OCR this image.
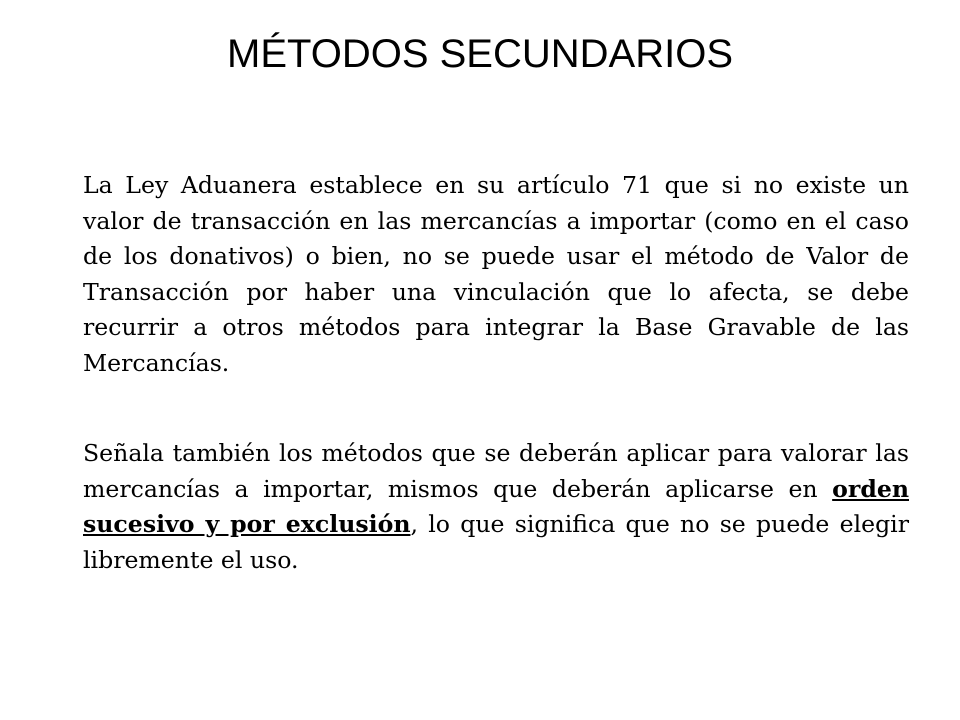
MÉTODOS SECUNDARIOS

La Ley Aduanera establece en su artículo 71 que si no existe un valor de transacción en las mercancías a importar (como en el caso de los donativos) o bien, no se puede usar el método de Valor de Transacción por haber una vinculación que lo afecta, se debe recurrir a otros métodos para integrar la Base Gravable de las Mercancías.

Señala también los métodos que se deberán aplicar para valorar las mercancías a importar, mismos que deberán aplicarse en orden sucesivo y por exclusión, lo que significa que no se puede elegir libremente el uso.
